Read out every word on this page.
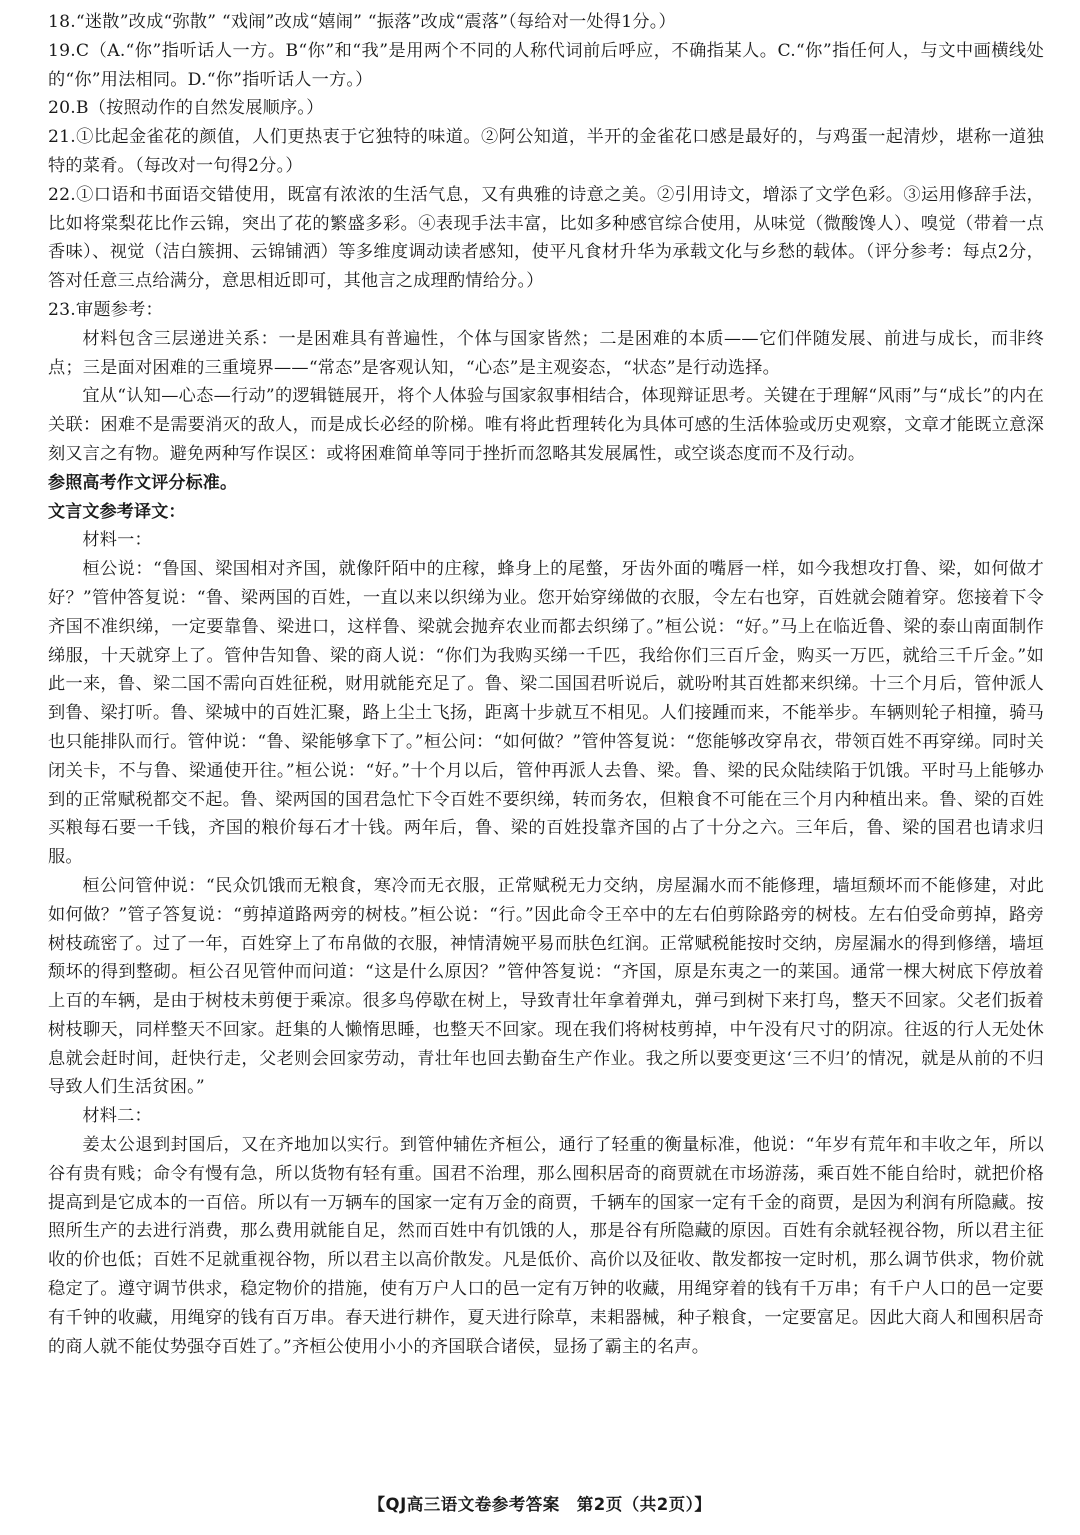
18.“迷散”改成“弥散” “戏闹”改成“嬉闹” “振落”改成“震落”（每给对一处得1分。）

19.C（A.“你”指听话人一方。B“你”和“我”是用两个不同的人称代词前后呼应，不确指某人。C.“你”指任何人，与文中画横线处的“你”用法相同。D.“你”指听话人一方。）

20.B（按照动作的自然发展顺序。）

21.①比起金雀花的颜值，人们更热衷于它独特的味道。②阿公知道，半开的金雀花口感是最好的，与鸡蛋一起清炒，堪称一道独特的菜肴。（每改对一句得2分。）

22.①口语和书面语交错使用，既富有浓浓的生活气息，又有典雅的诗意之美。②引用诗文，增添了文学色彩。③运用修辞手法，比如将棠梨花比作云锦，突出了花的繁盛多彩。④表现手法丰富，比如多种感官综合使用，从味觉（微酸馋人）、嗅觉（带着一点香味）、视觉（洁白簇拥、云锦铺洒）等多维度调动读者感知，使平凡食材升华为承载文化与乡愁的载体。（评分参考：每点2分，答对任意三点给满分，意思相近即可，其他言之成理酌情给分。）

23.审题参考：

材料包含三层递进关系：一是困难具有普遍性，个体与国家皆然；二是困难的本质——它们伴随发展、前进与成长，而非终点；三是面对困难的三重境界——“常态”是客观认知，“心态”是主观姿态，“状态”是行动选择。

宜从“认知—心态—行动”的逻辑链展开，将个人体验与国家叙事相结合，体现辩证思考。关键在于理解“风雨”与“成长”的内在关联：困难不是需要消灭的敌人，而是成长必经的阶梯。唯有将此哲理转化为具体可感的生活体验或历史观察，文章才能既立意深刻又言之有物。避免两种写作误区：或将困难简单等同于挫折而忽略其发展属性，或空谈态度而不及行动。

参照高考作文评分标准。

文言文参考译文：

材料一：

桓公说：“鲁国、梁国相对齐国，就像阡陌中的庄稼，蜂身上的尾螫，牙齿外面的嘴唇一样，如今我想攻打鲁、梁，如何做才好？”管仲答复说：“鲁、梁两国的百姓，一直以来以织绨为业。您开始穿绨做的衣服，令左右也穿，百姓就会随着穿。您接着下令齐国不准织绨，一定要靠鲁、梁进口，这样鲁、梁就会抛弃农业而都去织绨了。”桓公说：“好。”马上在临近鲁、梁的泰山南面制作绨服，十天就穿上了。管仲告知鲁、梁的商人说：“你们为我购买绨一千匹，我给你们三百斤金，购买一万匹，就给三千斤金。”如此一来，鲁、梁二国不需向百姓征税，财用就能充足了。鲁、梁二国国君听说后，就吩咐其百姓都来织绨。十三个月后，管仲派人到鲁、梁打听。鲁、梁城中的百姓汇聚，路上尘土飞扬，距离十步就互不相见。人们接踵而来，不能举步。车辆则轮子相撞，骑马也只能排队而行。管仲说：“鲁、梁能够拿下了。”桓公问：“如何做？”管仲答复说：“您能够改穿帛衣，带领百姓不再穿绨。同时关闭关卡，不与鲁、梁通使开往。”桓公说：“好。”十个月以后，管仲再派人去鲁、梁。鲁、梁的民众陆续陷于饥饿。平时马上能够办到的正常赋税都交不起。鲁、梁两国的国君急忙下令百姓不要织绨，转而务农，但粮食不可能在三个月内种植出来。鲁、梁的百姓买粮每石要一千钱，齐国的粮价每石才十钱。两年后，鲁、梁的百姓投靠齐国的占了十分之六。三年后，鲁、梁的国君也请求归服。

桓公问管仲说：“民众饥饿而无粮食，寒冷而无衣服，正常赋税无力交纳，房屋漏水而不能修理，墙垣颓坏而不能修建，对此如何做？”管子答复说：“剪掉道路两旁的树枝。”桓公说：“行。”因此命令王卒中的左右伯剪除路旁的树枝。左右伯受命剪掉，路旁树枝疏密了。过了一年，百姓穿上了布帛做的衣服，神情清婉平易而肤色红润。正常赋税能按时交纳，房屋漏水的得到修缮，墙垣颓坏的得到整砌。桓公召见管仲而问道：“这是什么原因？”管仲答复说：“齐国，原是东夷之一的莱国。通常一棵大树底下停放着上百的车辆，是由于树枝未剪便于乘凉。很多鸟停歇在树上，导致青壮年拿着弹丸，弹弓到树下来打鸟，整天不回家。父老们扳着树枝聊天，同样整天不回家。赶集的人懒惰思睡，也整天不回家。现在我们将树枝剪掉，中午没有尺寸的阴凉。往返的行人无处休息就会赶时间，赶快行走，父老则会回家劳动，青壮年也回去勤奋生产作业。我之所以要变更这‘三不归’的情况，就是从前的不归导致人们生活贫困。”

材料二：

姜太公退到封国后，又在齐地加以实行。到管仲辅佐齐桓公，通行了轻重的衡量标准，他说：“年岁有荒年和丰收之年，所以谷有贵有贱；命令有慢有急，所以货物有轻有重。国君不治理，那么囤积居奇的商贾就在市场游荡，乘百姓不能自给时，就把价格提高到是它成本的一百倍。所以有一万辆车的国家一定有万金的商贾，千辆车的国家一定有千金的商贾，是因为利润有所隐藏。按照所生产的去进行消费，那么费用就能自足，然而百姓中有饥饿的人，那是谷有所隐藏的原因。百姓有余就轻视谷物，所以君主征收的价也低；百姓不足就重视谷物，所以君主以高价散发。凡是低价、高价以及征收、散发都按一定时机，那么调节供求，物价就稳定了。遵守调节供求，稳定物价的措施，使有万户人口的邑一定有万钟的收藏，用绳穿着的钱有千万串；有千户人口的邑一定要有千钟的收藏，用绳穿的钱有百万串。春天进行耕作，夏天进行除草，耒耜器械，种子粮食，一定要富足。因此大商人和囤积居奇的商人就不能仗势强夺百姓了。”齐桓公使用小小的齐国联合诸侯，显扬了霸主的名声。

【QJ高三语文卷参考答案　第2页（共2页）】
